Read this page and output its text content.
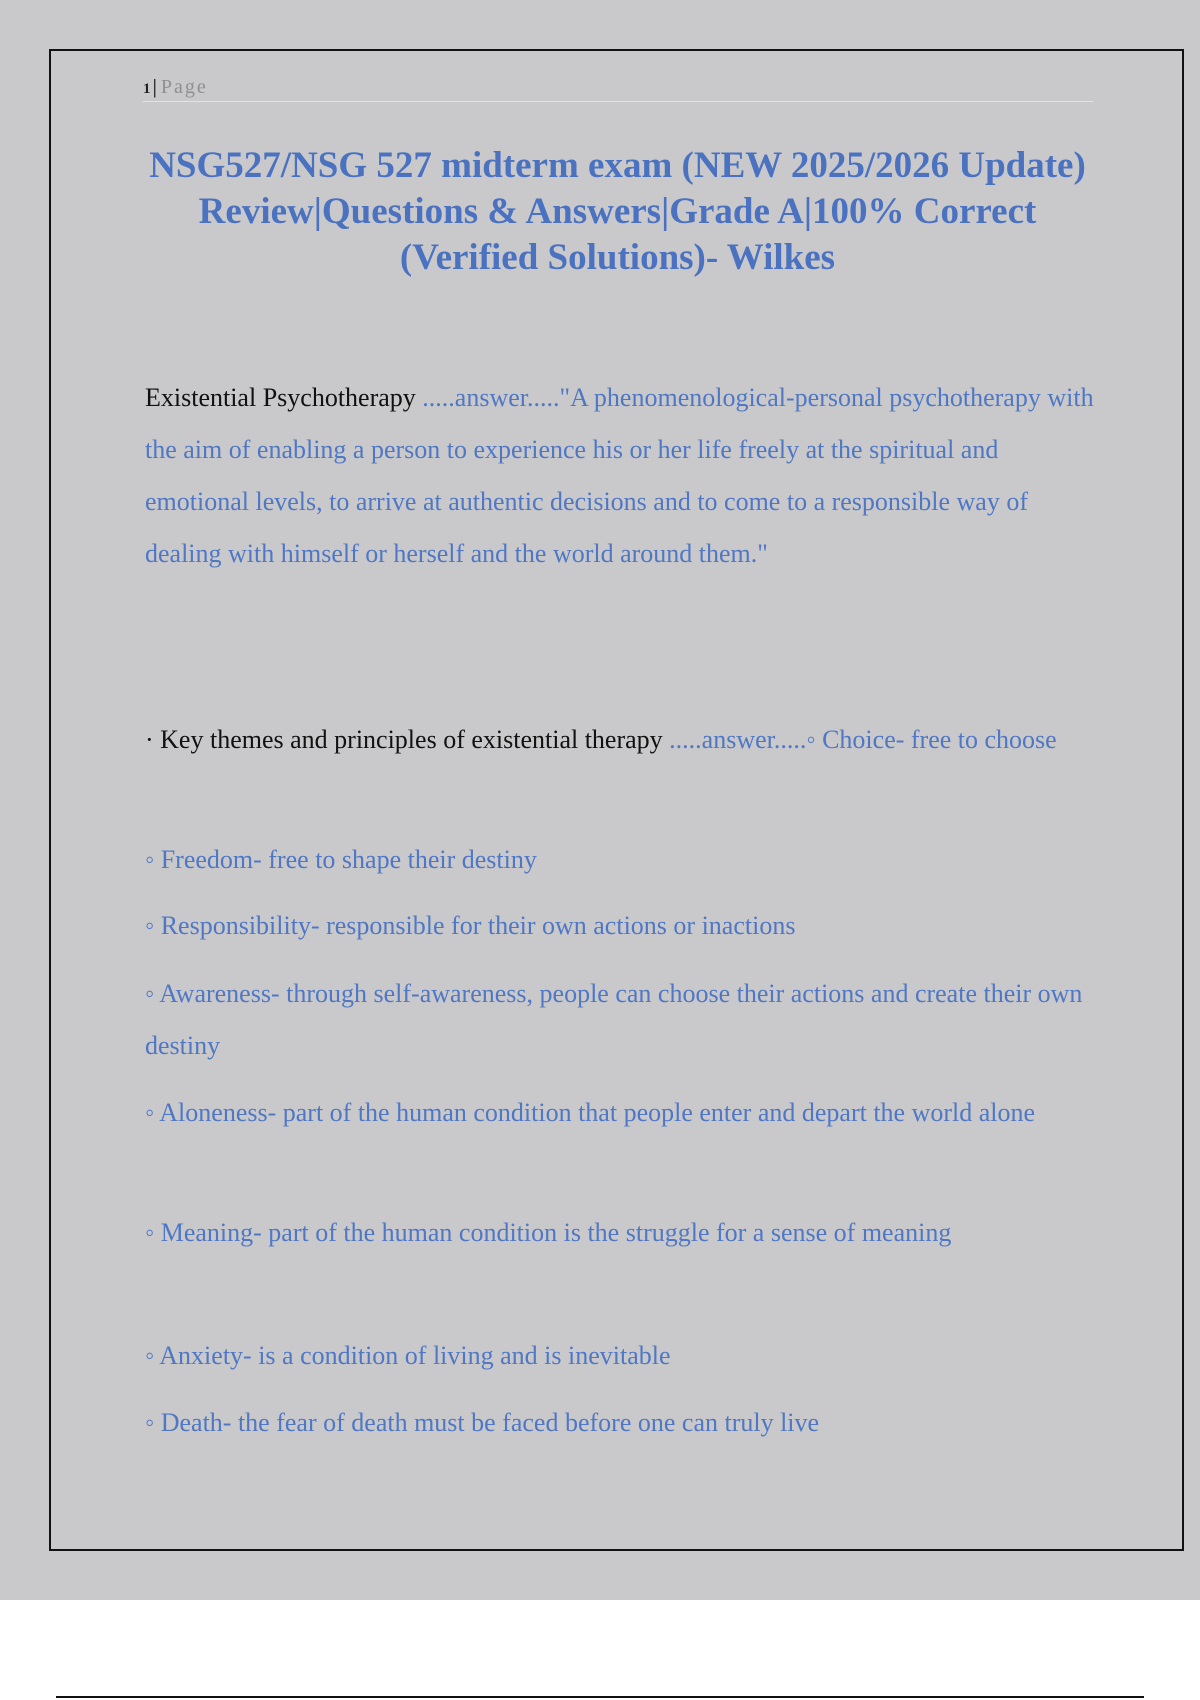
1 | Page
NSG527/NSG 527 midterm exam (NEW 2025/2026 Update) Review|Questions & Answers|Grade A|100% Correct (Verified Solutions)- Wilkes

Existential Psychotherapy .....answer....."A phenomenological-personal psychotherapy with the aim of enabling a person to experience his or her life freely at the spiritual and emotional levels, to arrive at authentic decisions and to come to a responsible way of dealing with himself or herself and the world around them."

· Key themes and principles of existential therapy .....answer.....◦ Choice- free to choose

◦ Freedom- free to shape their destiny

◦ Responsibility- responsible for their own actions or inactions

◦ Awareness- through self-awareness, people can choose their actions and create their own destiny

◦ Aloneness- part of the human condition that people enter and depart the world alone

◦ Meaning- part of the human condition is the struggle for a sense of meaning

◦ Anxiety- is a condition of living and is inevitable

◦ Death- the fear of death must be faced before one can truly live
